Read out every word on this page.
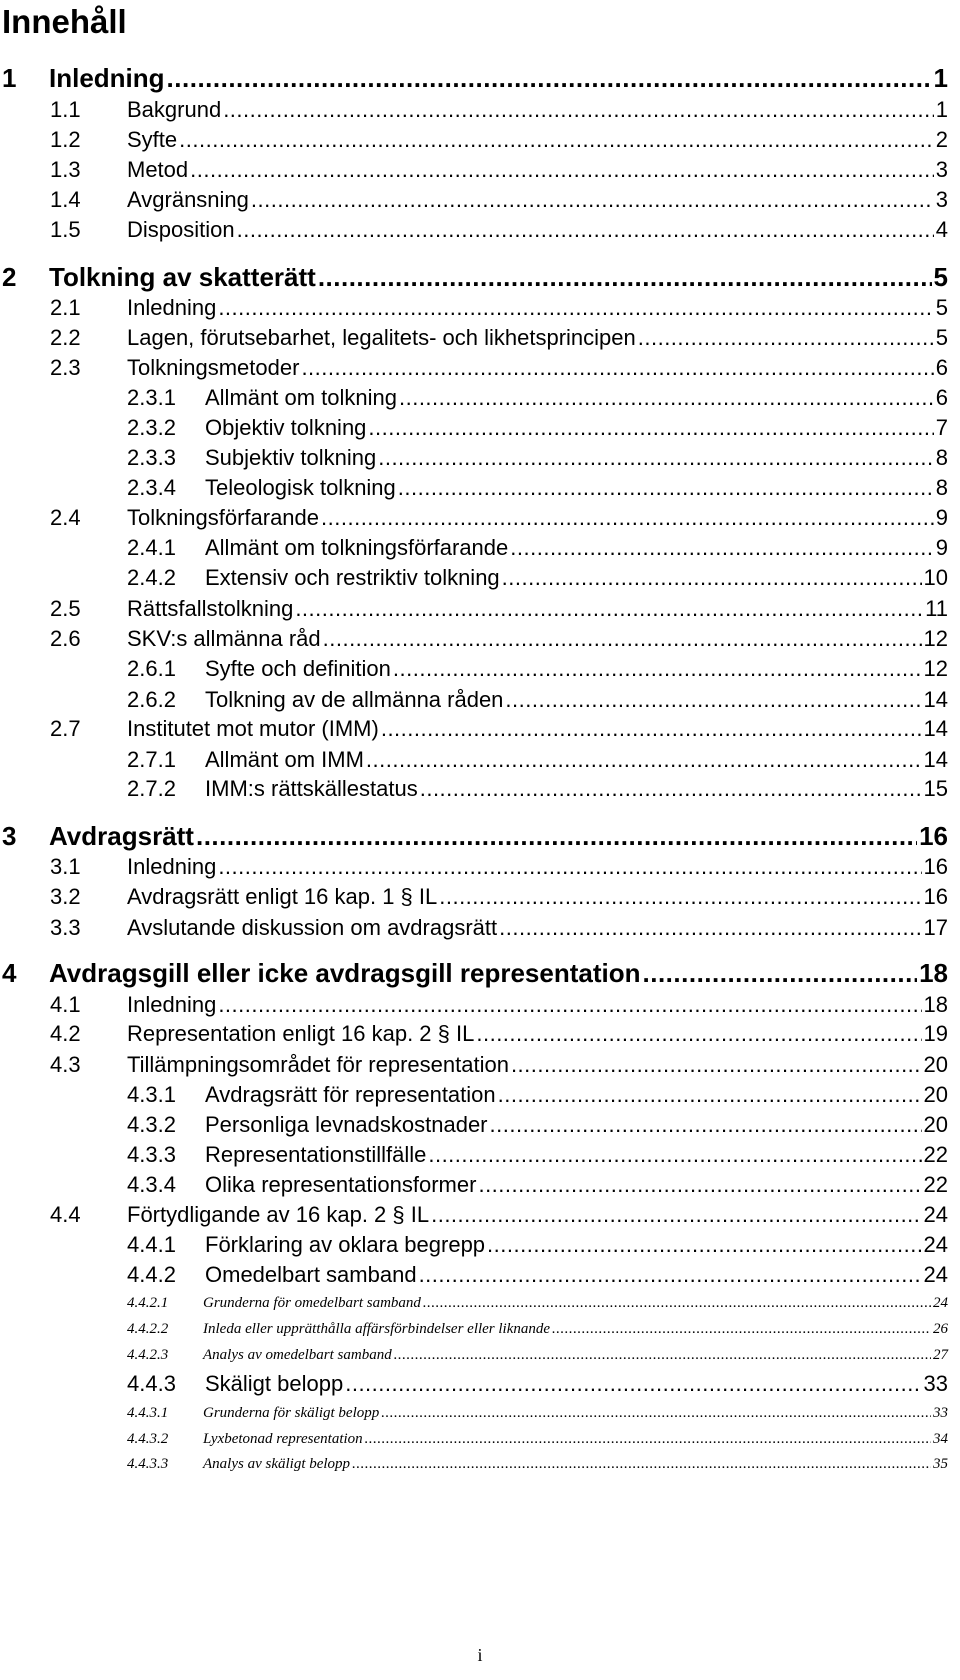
Innehåll
1	Inledning .....	1
1.1	Bakgrund .....	1
1.2	Syfte .....	2
1.3	Metod .....	3
1.4	Avgränsning .....	3
1.5	Disposition .....	4
2	Tolkning av skatterätt .....	5
2.1	Inledning .....	5
2.2	Lagen, förutsebarhet, legalitets- och likhetsprincipen .....	5
2.3	Tolkningsmetoder .....	6
2.3.1	Allmänt om tolkning .....	6
2.3.2	Objektiv tolkning .....	7
2.3.3	Subjektiv tolkning .....	8
2.3.4	Teleologisk tolkning .....	8
2.4	Tolkningsförfarande .....	9
2.4.1	Allmänt om tolkningsförfarande .....	9
2.4.2	Extensiv och restriktiv tolkning .....	10
2.5	Rättsfallstolkning .....	11
2.6	SKV:s allmänna råd .....	12
2.6.1	Syfte och definition .....	12
2.6.2	Tolkning av de allmänna råden .....	14
2.7	Institutet mot mutor (IMM) .....	14
2.7.1	Allmänt om IMM .....	14
2.7.2	IMM:s rättskällestatus .....	15
3	Avdragsrätt .....	16
3.1	Inledning .....	16
3.2	Avdragsrätt enligt 16 kap. 1 § IL .....	16
3.3	Avslutande diskussion om avdragsrätt .....	17
4	Avdragsgill eller icke avdragsgill representation .....	18
4.1	Inledning .....	18
4.2	Representation enligt 16 kap. 2 § IL .....	19
4.3	Tillämpningsområdet för representation .....	20
4.3.1	Avdragsrätt för representation .....	20
4.3.2	Personliga levnadskostnader .....	20
4.3.3	Representationstillfälle .....	22
4.3.4	Olika representationsformer .....	22
4.4	Förtydligande av 16 kap. 2 § IL .....	24
4.4.1	Förklaring av oklara begrepp .....	24
4.4.2	Omedelbart samband .....	24
4.4.2.1	Grunderna för omedelbart samband .....	24
4.4.2.2	Inleda eller upprätthålla affärsförbindelser eller liknande .....	26
4.4.2.3	Analys av omedelbart samband .....	27
4.4.3	Skäligt belopp .....	33
4.4.3.1	Grunderna för skäligt belopp .....	33
4.4.3.2	Lyxbetonad representation .....	34
4.4.3.3	Analys av skäligt belopp .....	35
i
